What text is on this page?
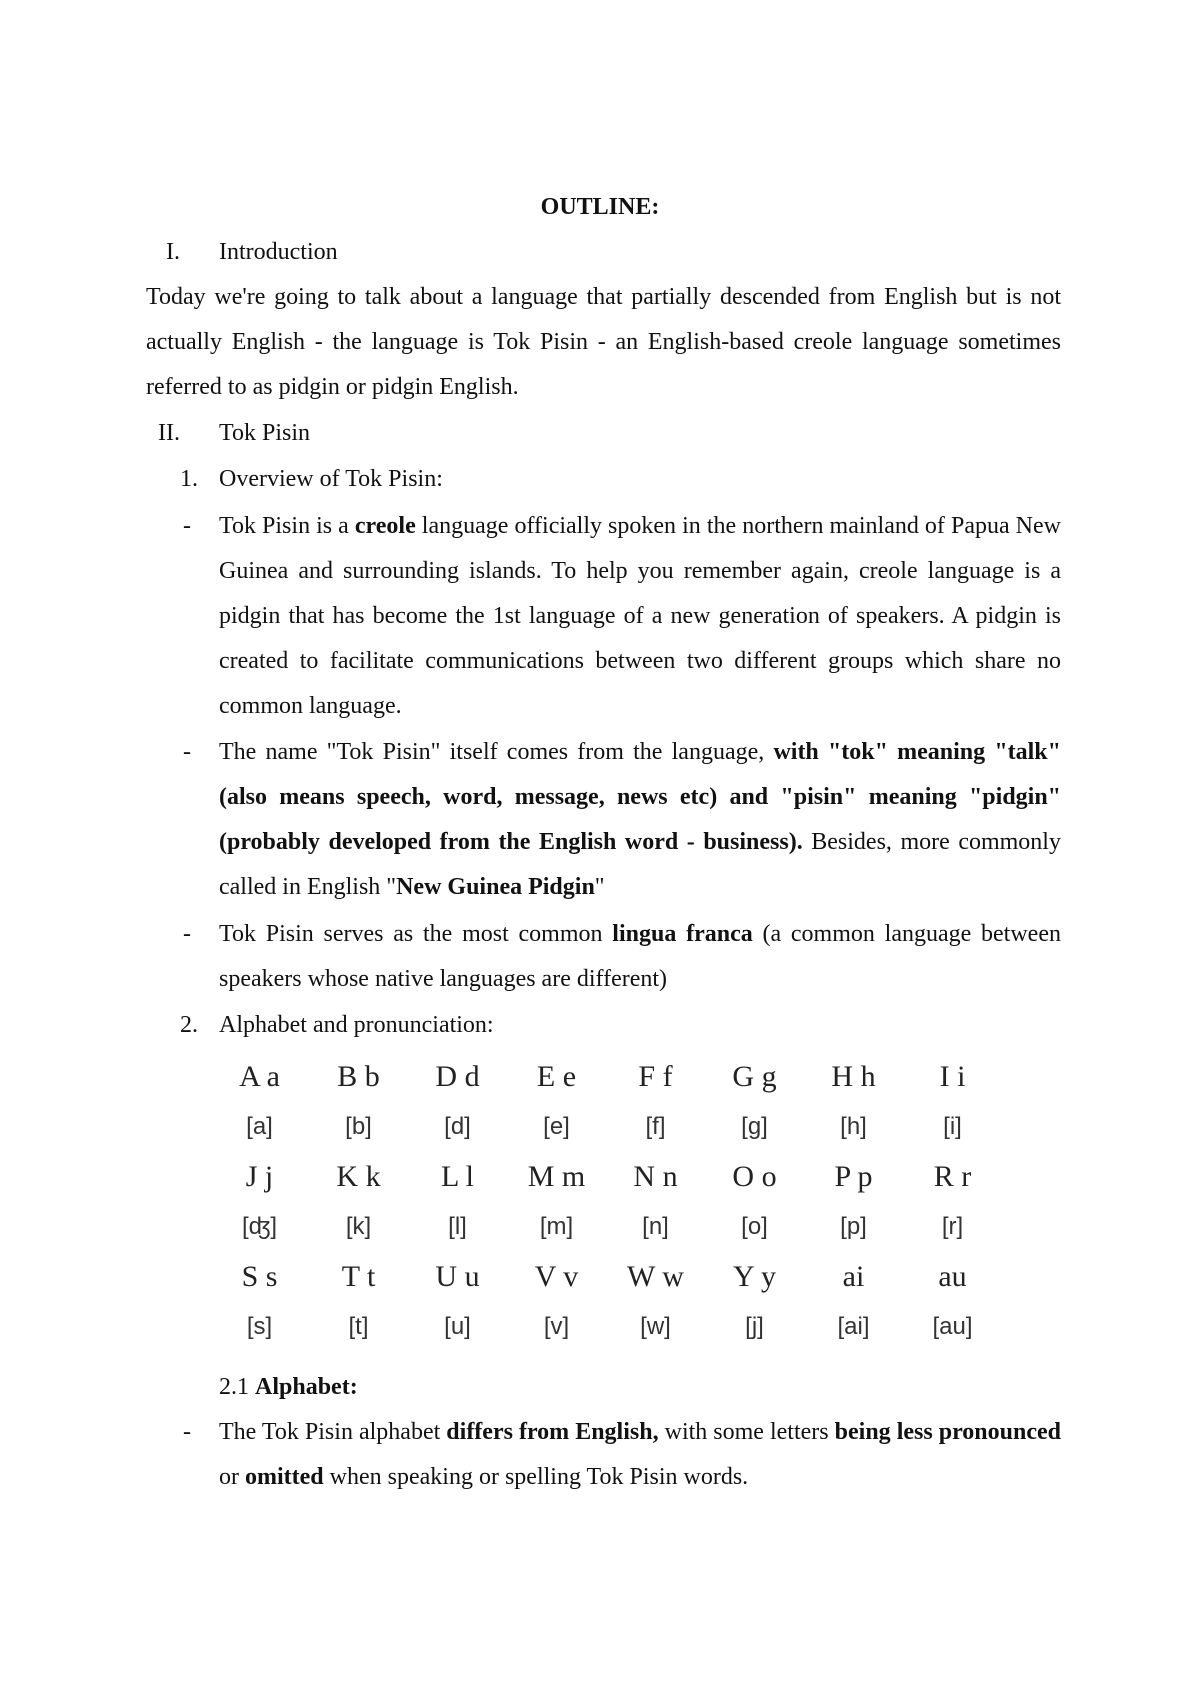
OUTLINE:
I. Introduction

Today we're going to talk about a language that partially descended from English but is not actually English - the language is Tok Pisin - an English-based creole language sometimes referred to as pidgin or pidgin English.

II. Tok Pisin
1. Overview of Tok Pisin:
- Tok Pisin is a creole language officially spoken in the northern mainland of Papua New Guinea and surrounding islands. To help you remember again, creole language is a pidgin that has become the 1st language of a new generation of speakers. A pidgin is created to facilitate communications between two different groups which share no common language.

- The name "Tok Pisin" itself comes from the language, with "tok" meaning "talk" (also means speech, word, message, news etc) and "pisin" meaning "pidgin"(probably developed from the English word - business). Besides, more commonly called in English "New Guinea Pidgin"

- Tok Pisin serves as the most common lingua franca (a common language between speakers whose native languages are different)

2. Alphabet and pronunciation:
A a	B b	D d	E e	F f	G g	H h	I i
[a]	[b]	[d]	[e]	[f]	[g]	[h]	[i]
J j	K k	L l	M m	N n	O o	P p	R r
[ʤ]	[k]	[l]	[m]	[n]	[o]	[p]	[r]
S s	T t	U u	V v	W w	Y y	ai	au
[s]	[t]	[u]	[v]	[w]	[j]	[ai]	[au]
2.1 Alphabet:
- The Tok Pisin alphabet differs from English, with some letters being less pronounced or omitted when speaking or spelling Tok Pisin words.
